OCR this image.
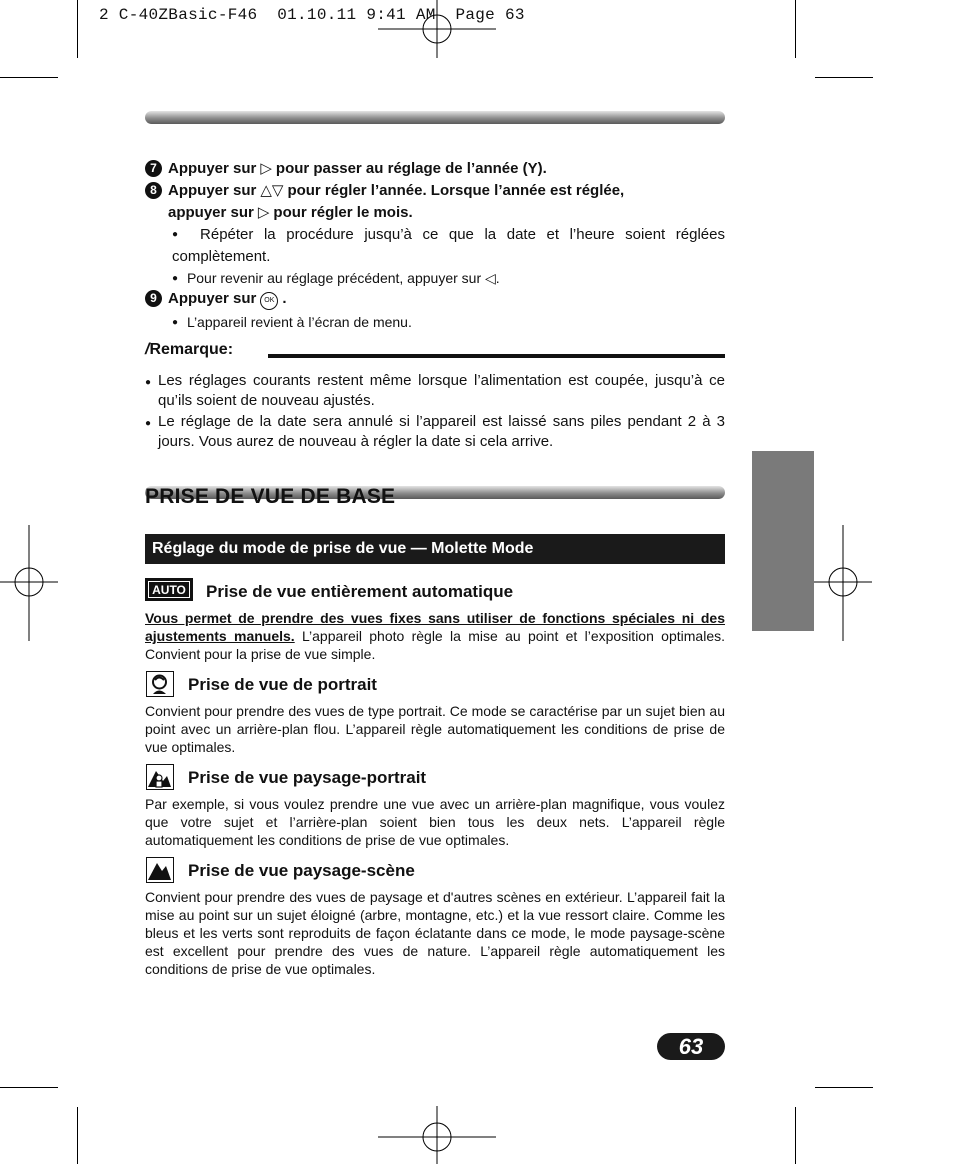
2 C-40ZBasic-F46  01.10.11 9:41 AM  Page 63
7 Appuyer sur ▷ pour passer au réglage de l’année (Y).
8 Appuyer sur △▽ pour régler l’année. Lorsque l’année est réglée,
appuyer sur ▷ pour régler le mois.
● Répéter la procédure jusqu’à ce que la date et l’heure soient réglées complètement.
● Pour revenir au réglage précédent, appuyer sur ◁.
9 Appuyer sur OK .
● L’appareil revient à l’écran de menu.
/Remarque:
● Les réglages courants restent même lorsque l’alimentation est coupée, jusqu’à ce qu’ils soient de nouveau ajustés.
● Le réglage de la date sera annulé si l’appareil est laissé sans piles pendant 2 à 3 jours. Vous aurez de nouveau à régler la date si cela arrive.
PRISE DE VUE DE BASE
Réglage du mode de prise de vue — Molette Mode
AUTO	Prise de vue entièrement automatique
Vous permet de prendre des vues fixes sans utiliser de fonctions spéciales ni des ajustements manuels. L’appareil photo règle la mise au point et l’exposition optimales. Convient pour la prise de vue simple.
Prise de vue de portrait
Convient pour prendre des vues de type portrait. Ce mode se caractérise par un sujet bien au point avec un arrière-plan flou. L’appareil règle automatiquement les conditions de prise de vue optimales.
Prise de vue paysage-portrait
Par exemple, si vous voulez prendre une vue avec un arrière-plan magnifique, vous voulez que votre sujet et l’arrière-plan soient bien tous les deux nets. L’appareil règle automatiquement les conditions de prise de vue optimales.
Prise de vue paysage-scène
Convient pour prendre des vues de paysage et d'autres scènes en extérieur. L’appareil fait la mise au point sur un sujet éloigné (arbre, montagne, etc.) et la vue ressort claire. Comme les bleus et les verts sont reproduits de façon éclatante dans ce mode, le mode paysage-scène est excellent pour prendre des vues de nature. L’appareil règle automatiquement les conditions de prise de vue optimales.
63
